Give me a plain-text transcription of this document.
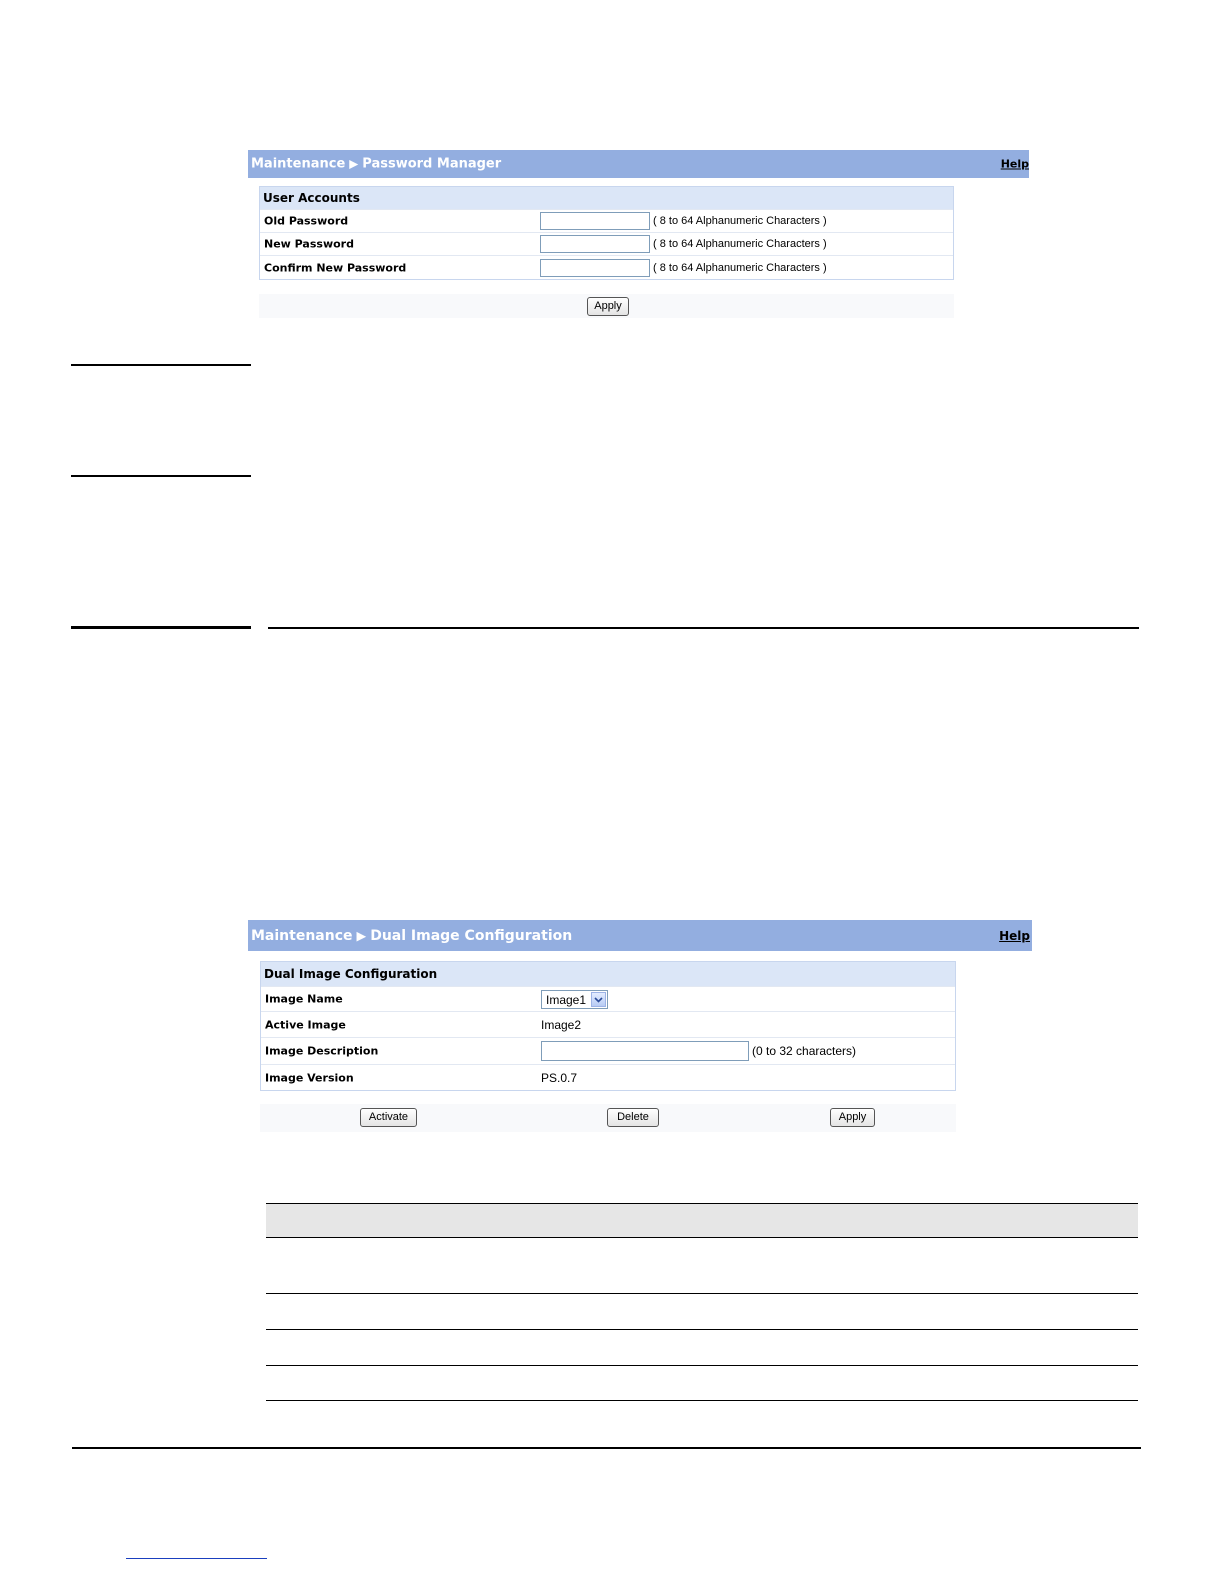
Maintenance ▶ Password Manager	Help
User Accounts
Old Password	( 8 to 64 Alphanumeric Characters )
New Password	( 8 to 64 Alphanumeric Characters )
Confirm New Password	( 8 to 64 Alphanumeric Characters )
Apply
Maintenance ▶ Dual Image Configuration	Help
Dual Image Configuration
Image Name	Image1
Active Image	Image2
Image Description	(0 to 32 characters)
Image Version	PS.0.7
Activate	Delete	Apply
